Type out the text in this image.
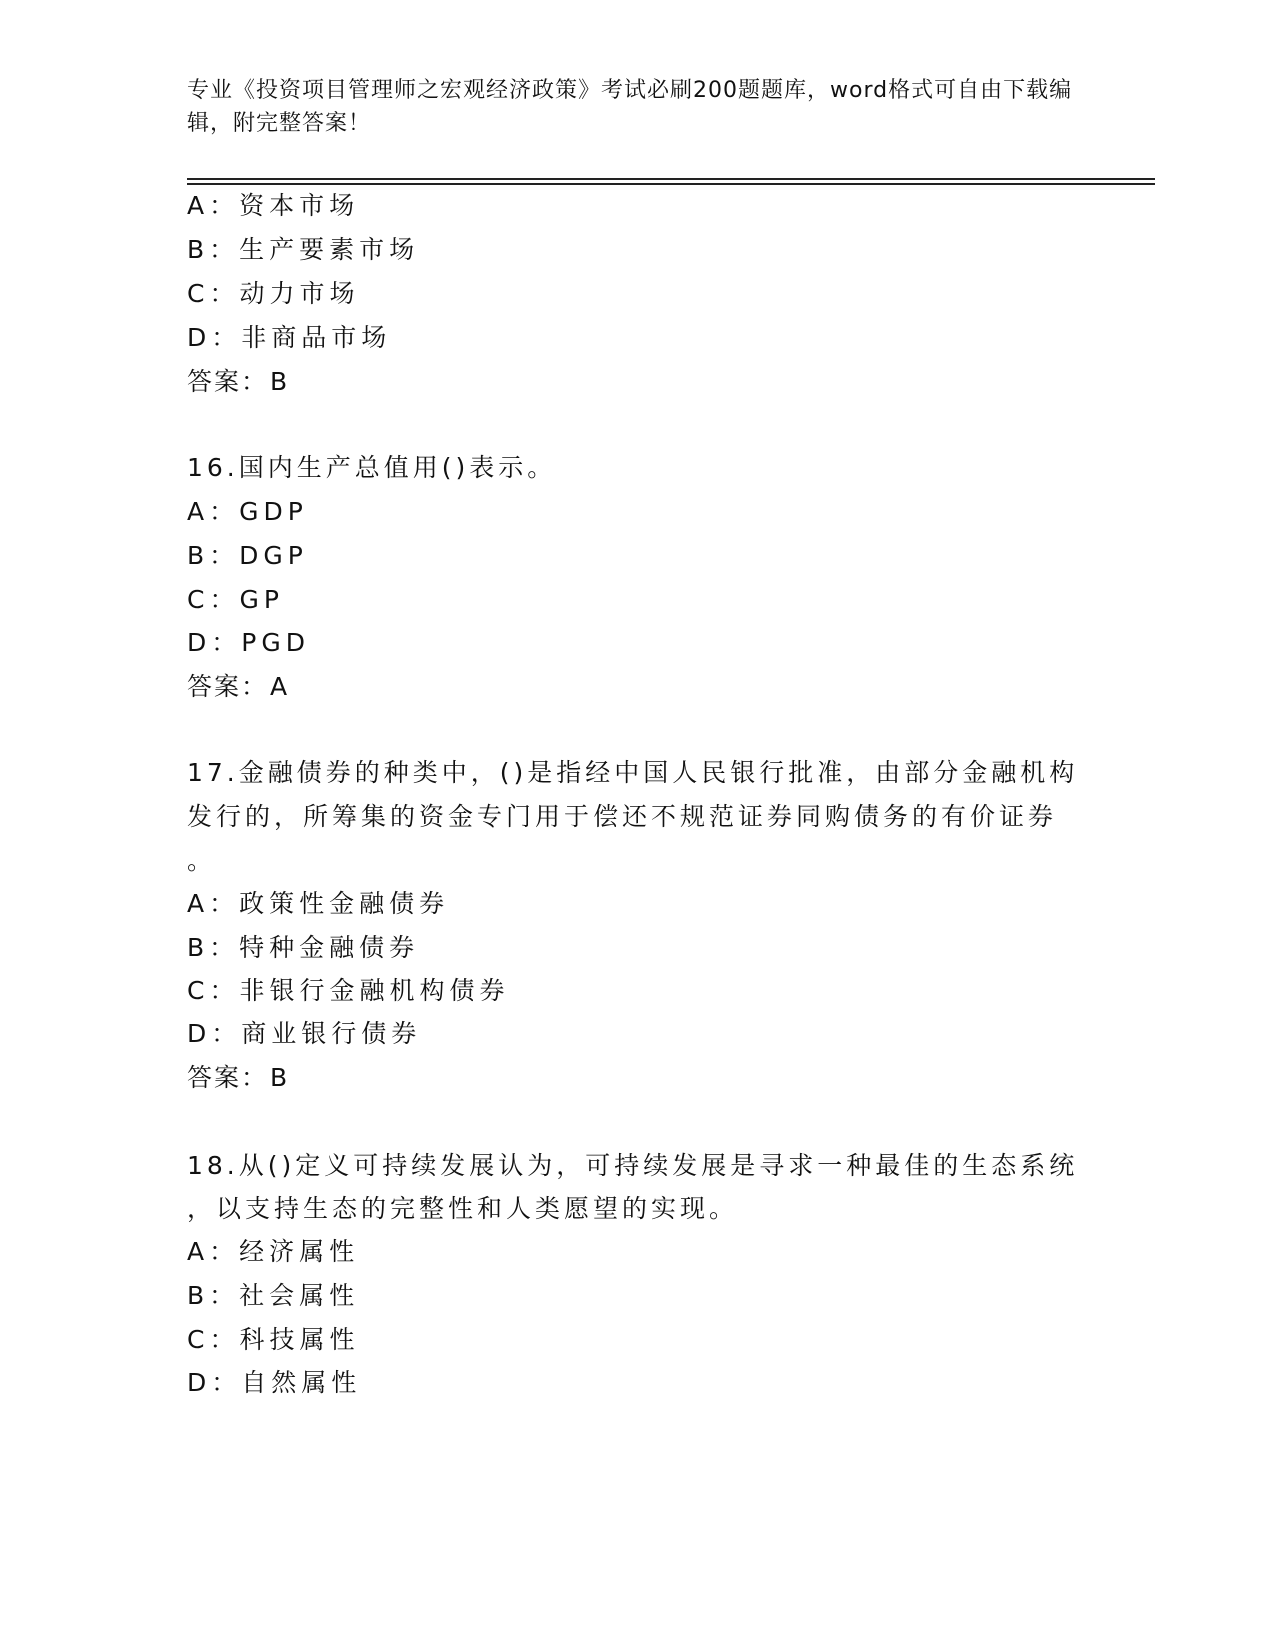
专业《投资项目管理师之宏观经济政策》考试必刷200题题库，word格式可自由下载编辑，附完整答案！
A：资本市场
B：生产要素市场
C：动力市场
D：非商品市场
答案：B
16.国内生产总值用()表示。
A：GDP
B：DGP
C：GP
D：PGD
答案：A
17.金融债券的种类中，()是指经中国人民银行批准，由部分金融机构
发行的，所筹集的资金专门用于偿还不规范证券同购债务的有价证券
。
A：政策性金融债券
B：特种金融债券
C：非银行金融机构债券
D：商业银行债券
答案：B
18.从()定义可持续发展认为，可持续发展是寻求一种最佳的生态系统
，以支持生态的完整性和人类愿望的实现。
A：经济属性
B：社会属性
C：科技属性
D：自然属性
